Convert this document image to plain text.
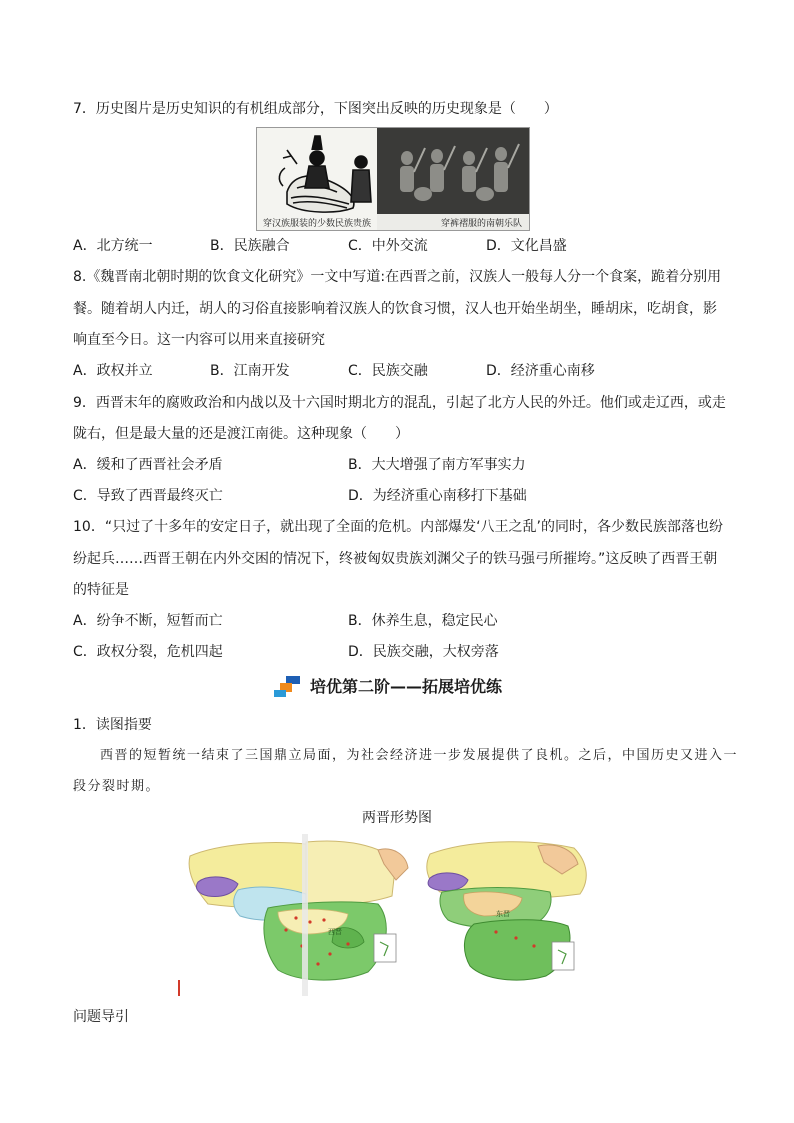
7．历史图片是历史知识的有机组成部分，下图突出反映的历史现象是（　　）
穿汉族服装的少数民族贵族	穿裤褶服的南朝乐队
A．北方统一	B．民族融合	C．中外交流	D．文化昌盛
8.《魏晋南北朝时期的饮食文化研究》一文中写道:在西晋之前，汉族人一般每人分一个食案，跪着分别用
餐。随着胡人内迁，胡人的习俗直接影响着汉族人的饮食习惯，汉人也开始坐胡坐，睡胡床，吃胡食，影
响直至今日。这一内容可以用来直接研究
A．政权并立	B．江南开发	C．民族交融	D．经济重心南移
9．西晋末年的腐败政治和内战以及十六国时期北方的混乱，引起了北方人民的外迁。他们或走辽西，或走
陇右，但是最大量的还是渡江南徙。这种现象（　　）
A．缓和了西晋社会矛盾	B．大大增强了南方军事实力
C．导致了西晋最终灭亡	D．为经济重心南移打下基础
10．“只过了十多年的安定日子，就出现了全面的危机。内部爆发‘八王之乱’的同时，各少数民族部落也纷
纷起兵……西晋王朝在内外交困的情况下，终被匈奴贵族刘渊父子的铁马强弓所摧垮。”这反映了西晋王朝
的特征是
A．纷争不断，短暂而亡	B．休养生息，稳定民心
C．政权分裂，危机四起	D．民族交融，大权旁落
培优第二阶——拓展培优练
1．读图指要
西晋的短暂统一结束了三国鼎立局面，为社会经济进一步发展提供了良机。之后，中国历史又进入一
段分裂时期。
两晋形势图
西晋
东晋
问题导引
